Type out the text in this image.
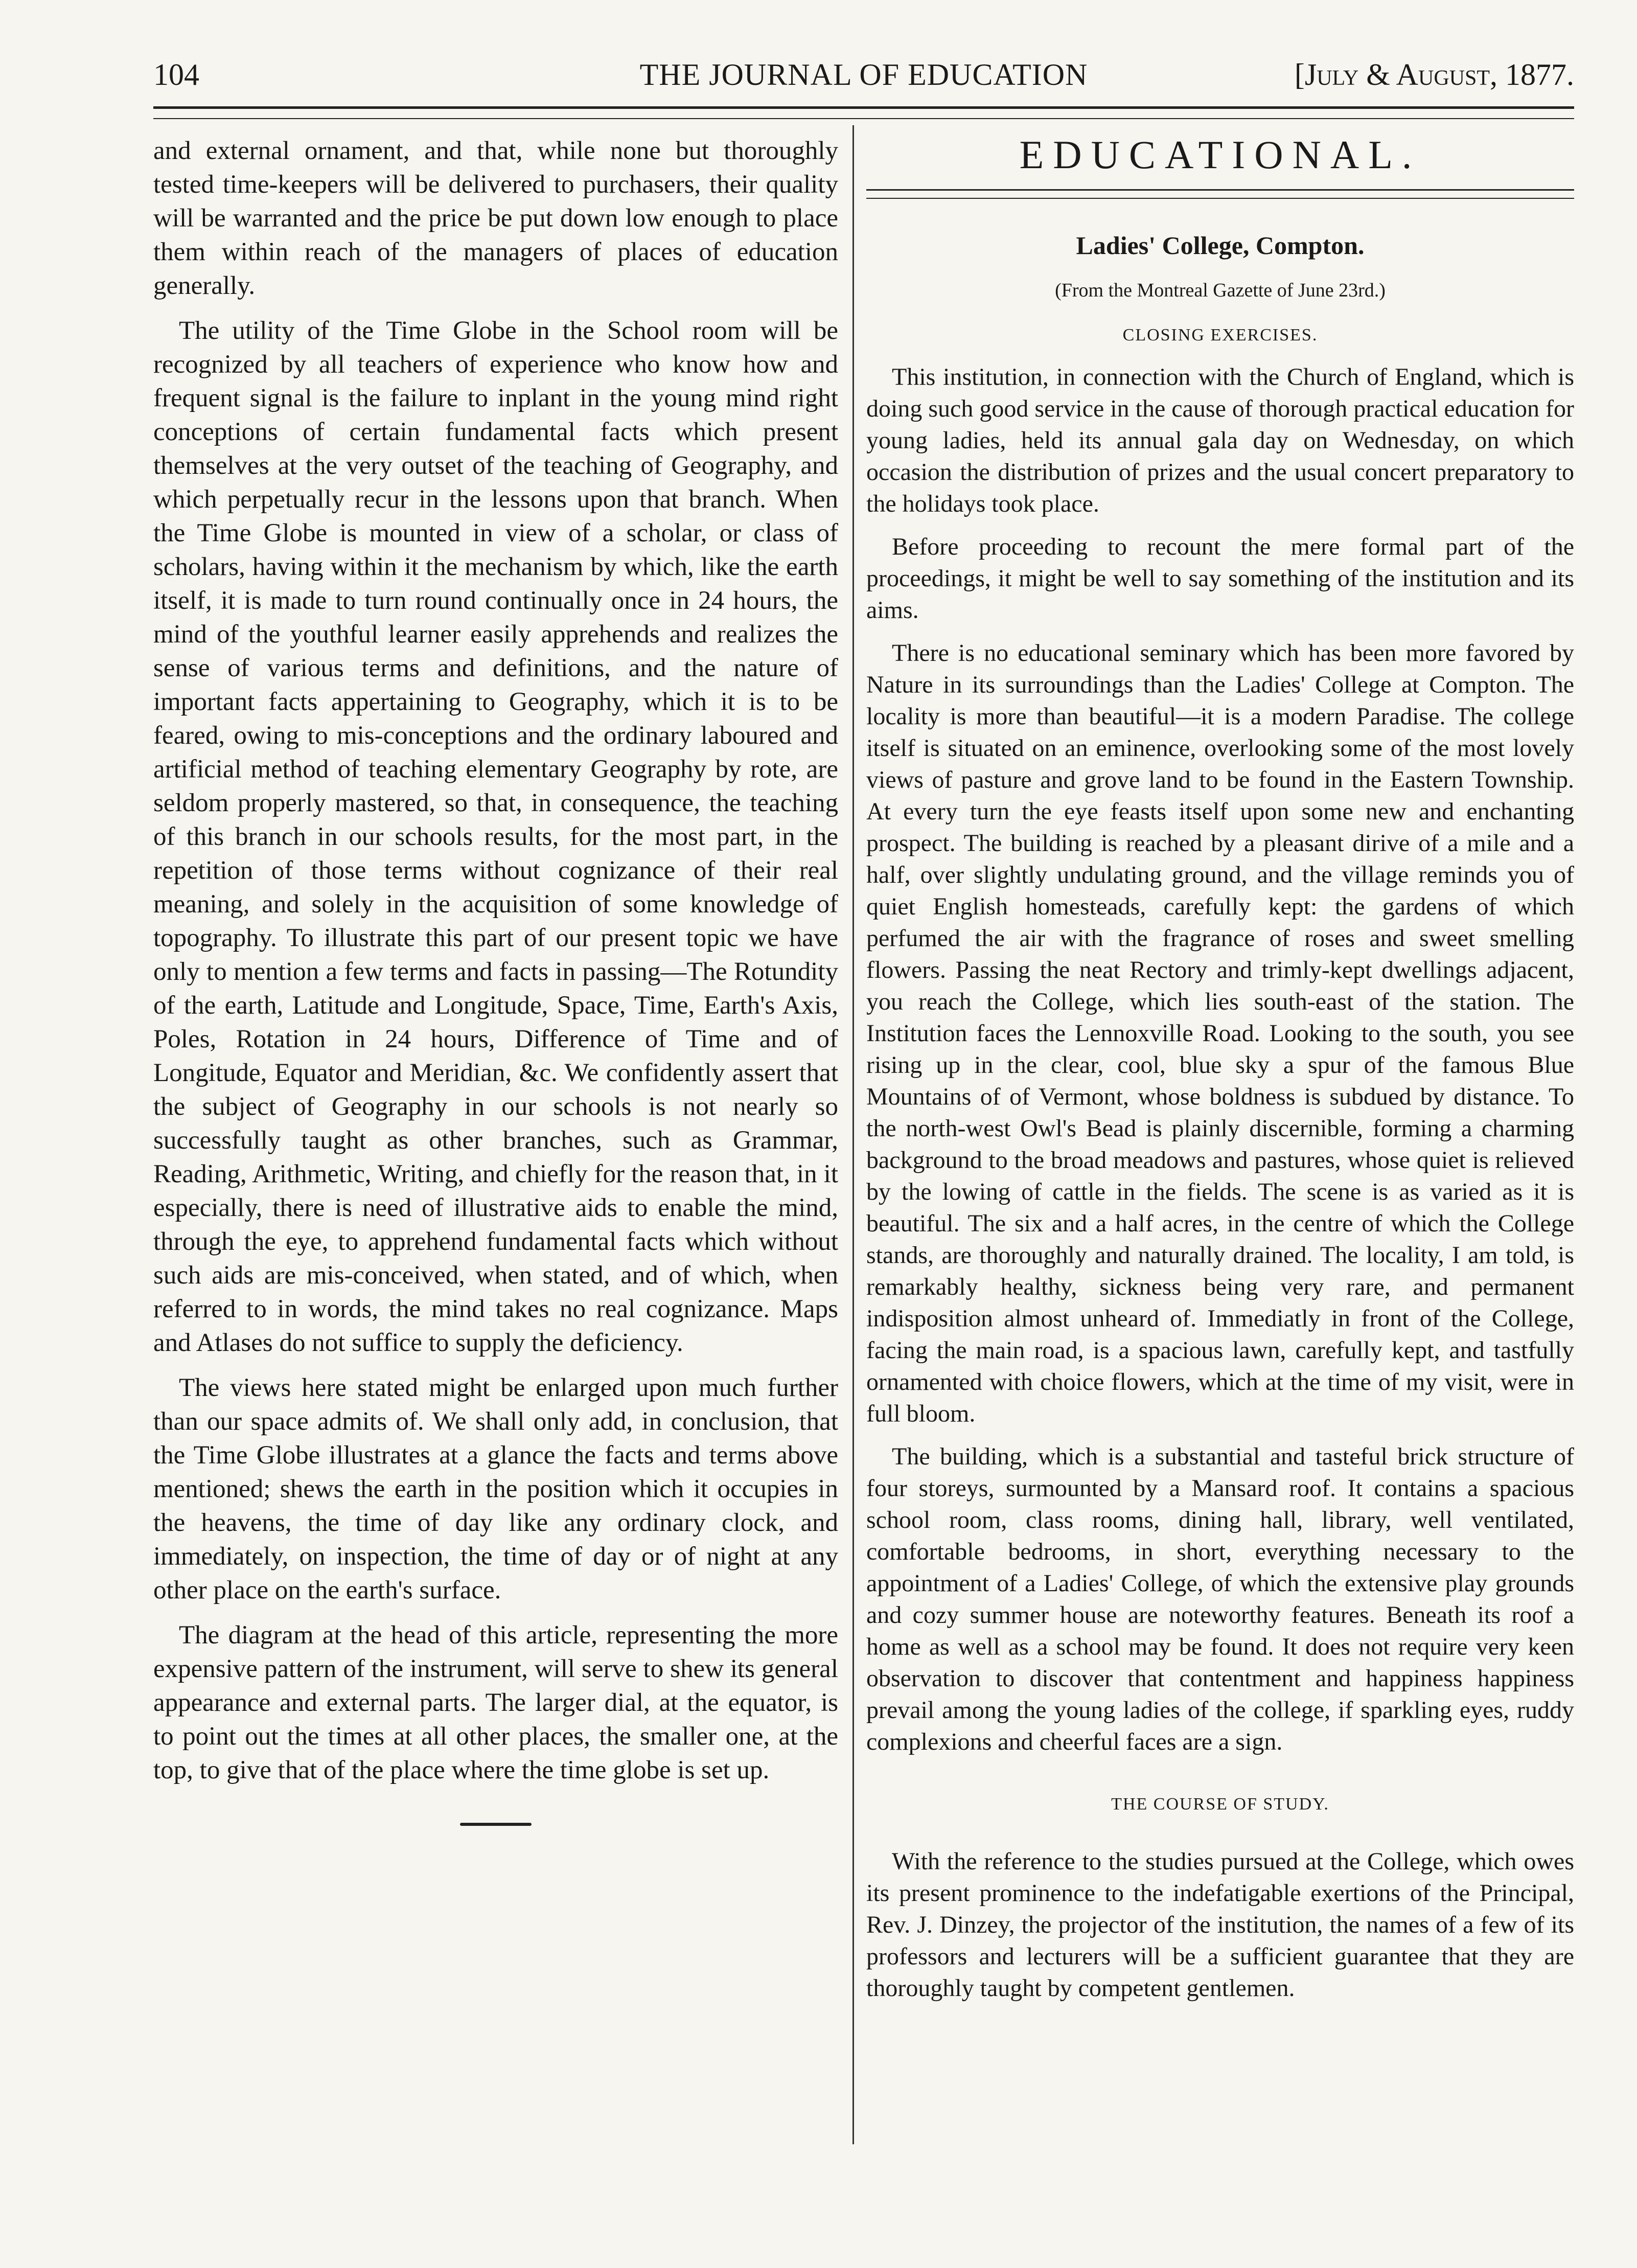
104	THE JOURNAL OF EDUCATION	[July & August, 1877.

and external ornament, and that, while none but thoroughly tested time-keepers will be delivered to purchasers, their quality will be warranted and the price be put down low enough to place them within reach of the managers of places of education generally.

The utility of the Time Globe in the School room will be recognized by all teachers of experience who know how and frequent signal is the failure to inplant in the young mind right conceptions of certain fundamental facts which present themselves at the very outset of the teaching of Geography, and which perpetually recur in the lessons upon that branch. When the Time Globe is mounted in view of a scholar, or class of scholars, having within it the mechanism by which, like the earth itself, it is made to turn round continually once in 24 hours, the mind of the youthful learner easily apprehends and realizes the sense of various terms and definitions, and the nature of important facts appertaining to Geography, which it is to be feared, owing to mis-conceptions and the ordinary laboured and artificial method of teaching elementary Geography by rote, are seldom properly mastered, so that, in consequence, the teaching of this branch in our schools results, for the most part, in the repetition of those terms without cognizance of their real meaning, and solely in the acquisition of some knowledge of topography. To illustrate this part of our present topic we have only to mention a few terms and facts in passing—The Rotundity of the earth, Latitude and Longitude, Space, Time, Earth's Axis, Poles, Rotation in 24 hours, Difference of Time and of Longitude, Equator and Meridian, &c. We confidently assert that the subject of Geography in our schools is not nearly so successfully taught as other branches, such as Grammar, Reading, Arithmetic, Writing, and chiefly for the reason that, in it especially, there is need of illustrative aids to enable the mind, through the eye, to apprehend fundamental facts which without such aids are mis-conceived, when stated, and of which, when referred to in words, the mind takes no real cognizance. Maps and Atlases do not suffice to supply the deficiency.

The views here stated might be enlarged upon much further than our space admits of. We shall only add, in conclusion, that the Time Globe illustrates at a glance the facts and terms above mentioned; shews the earth in the position which it occupies in the heavens, the time of day like any ordinary clock, and immediately, on inspection, the time of day or of night at any other place on the earth's surface.

The diagram at the head of this article, representing the more expensive pattern of the instrument, will serve to shew its general appearance and external parts. The larger dial, at the equator, is to point out the times at all other places, the smaller one, at the top, to give that of the place where the time globe is set up.

EDUCATIONAL.
Ladies' College, Compton.
(From the Montreal Gazette of June 23rd.)
CLOSING EXERCISES.

This institution, in connection with the Church of England, which is doing such good service in the cause of thorough practical education for young ladies, held its annual gala day on Wednesday, on which occasion the distribution of prizes and the usual concert preparatory to the holidays took place.

Before proceeding to recount the mere formal part of the proceedings, it might be well to say something of the institution and its aims.

There is no educational seminary which has been more favored by Nature in its surroundings than the Ladies' College at Compton. The locality is more than beautiful—it is a modern Paradise. The college itself is situated on an eminence, overlooking some of the most lovely views of pasture and grove land to be found in the Eastern Township. At every turn the eye feasts itself upon some new and enchanting prospect. The building is reached by a pleasant dirive of a mile and a half, over slightly undulating ground, and the village reminds you of quiet English homesteads, carefully kept: the gardens of which perfumed the air with the fragrance of roses and sweet smelling flowers. Passing the neat Rectory and trimly-kept dwellings adjacent, you reach the College, which lies south-east of the station. The Institution faces the Lennoxville Road. Looking to the south, you see rising up in the clear, cool, blue sky a spur of the famous Blue Mountains of of Vermont, whose boldness is subdued by distance. To the north-west Owl's Bead is plainly discernible, forming a charming background to the broad meadows and pastures, whose quiet is relieved by the lowing of cattle in the fields. The scene is as varied as it is beautiful. The six and a half acres, in the centre of which the College stands, are thoroughly and naturally drained. The locality, I am told, is remarkably healthy, sickness being very rare, and permanent indisposition almost unheard of. Immediatly in front of the College, facing the main road, is a spacious lawn, carefully kept, and tastfully ornamented with choice flowers, which at the time of my visit, were in full bloom.

The building, which is a substantial and tasteful brick structure of four storeys, surmounted by a Mansard roof. It contains a spacious school room, class rooms, dining hall, library, well ventilated, comfortable bedrooms, in short, everything necessary to the appointment of a Ladies' College, of which the extensive play grounds and cozy summer house are noteworthy features. Beneath its roof a home as well as a school may be found. It does not require very keen observation to discover that contentment and happiness happiness prevail among the young ladies of the college, if sparkling eyes, ruddy complexions and cheerful faces are a sign.

THE COURSE OF STUDY.

With the reference to the studies pursued at the College, which owes its present prominence to the indefatigable exertions of the Principal, Rev. J. Dinzey, the projector of the institution, the names of a few of its professors and lecturers will be a sufficient guarantee that they are thoroughly taught by competent gentlemen.
